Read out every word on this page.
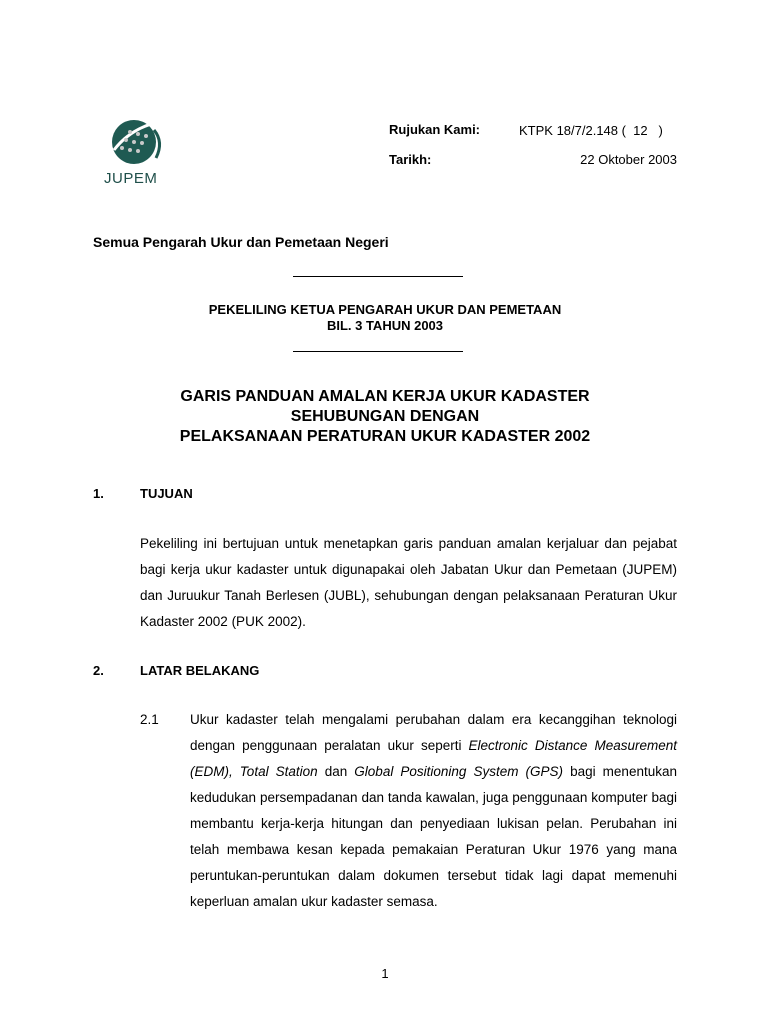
JUPEM
Rujukan Kami:	KTPK 18/7/2.148 (  12   )
Tarikh:	22 Oktober 2003
Semua Pengarah Ukur dan Pemetaan Negeri
PEKELILING KETUA PENGARAH UKUR DAN PEMETAAN
BIL. 3 TAHUN 2003
GARIS PANDUAN AMALAN KERJA UKUR KADASTER
SEHUBUNGAN DENGAN
PELAKSANAAN PERATURAN UKUR KADASTER 2002
1.	TUJUAN
Pekeliling ini bertujuan untuk menetapkan garis panduan amalan kerjaluar dan pejabat bagi kerja ukur kadaster untuk digunapakai oleh Jabatan Ukur dan Pemetaan (JUPEM) dan Juruukur Tanah Berlesen (JUBL), sehubungan dengan pelaksanaan Peraturan Ukur Kadaster 2002 (PUK 2002).
2.	LATAR BELAKANG
2.1 Ukur kadaster telah mengalami perubahan dalam era kecanggihan teknologi dengan penggunaan peralatan ukur seperti Electronic Distance Measurement (EDM), Total Station dan Global Positioning System (GPS) bagi menentukan kedudukan persempadanan dan tanda kawalan, juga penggunaan komputer bagi membantu kerja-kerja hitungan dan penyediaan lukisan pelan. Perubahan ini telah membawa kesan kepada pemakaian Peraturan Ukur 1976 yang mana peruntukan-peruntukan dalam dokumen tersebut tidak lagi dapat memenuhi keperluan amalan ukur kadaster semasa.
1
